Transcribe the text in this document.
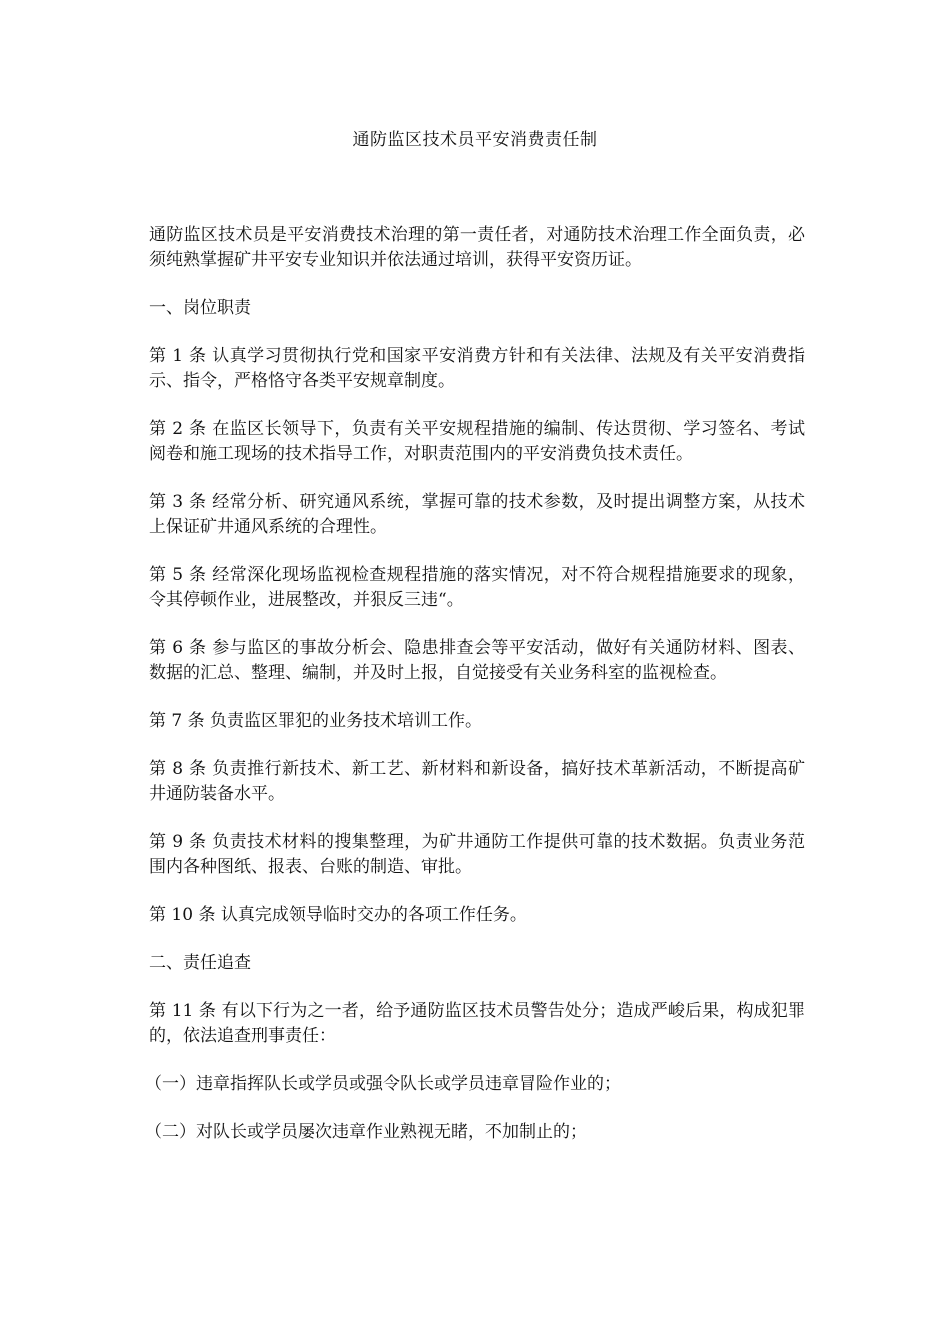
通防监区技术员平安消费责任制

通防监区技术员是平安消费技术治理的第一责任者，对通防技术治理工作全面负责，必须纯熟掌握矿井平安专业知识并依法通过培训，获得平安资历证。

一、岗位职责

第 1 条 认真学习贯彻执行党和国家平安消费方针和有关法律、法规及有关平安消费指示、指令，严格恪守各类平安规章制度。

第 2 条 在监区长领导下，负责有关平安规程措施的编制、传达贯彻、学习签名、考试阅卷和施工现场的技术指导工作，对职责范围内的平安消费负技术责任。

第 3 条 经常分析、研究通风系统，掌握可靠的技术参数，及时提出调整方案，从技术上保证矿井通风系统的合理性。

第 5 条 经常深化现场监视检查规程措施的落实情况，对不符合规程措施要求的现象，令其停顿作业，进展整改，并狠反三违“。

第 6 条 参与监区的事故分析会、隐患排查会等平安活动，做好有关通防材料、图表、数据的汇总、整理、编制，并及时上报，自觉接受有关业务科室的监视检查。

第 7 条 负责监区罪犯的业务技术培训工作。

第 8 条 负责推行新技术、新工艺、新材料和新设备，搞好技术革新活动，不断提高矿井通防装备水平。

第 9 条 负责技术材料的搜集整理，为矿井通防工作提供可靠的技术数据。负责业务范围内各种图纸、报表、台账的制造、审批。

第 10 条 认真完成领导临时交办的各项工作任务。

二、责任追查

第 11 条 有以下行为之一者，给予通防监区技术员警告处分；造成严峻后果，构成犯罪的，依法追查刑事责任：

（一）违章指挥队长或学员或强令队长或学员违章冒险作业的；

（二）对队长或学员屡次违章作业熟视无睹，不加制止的；
